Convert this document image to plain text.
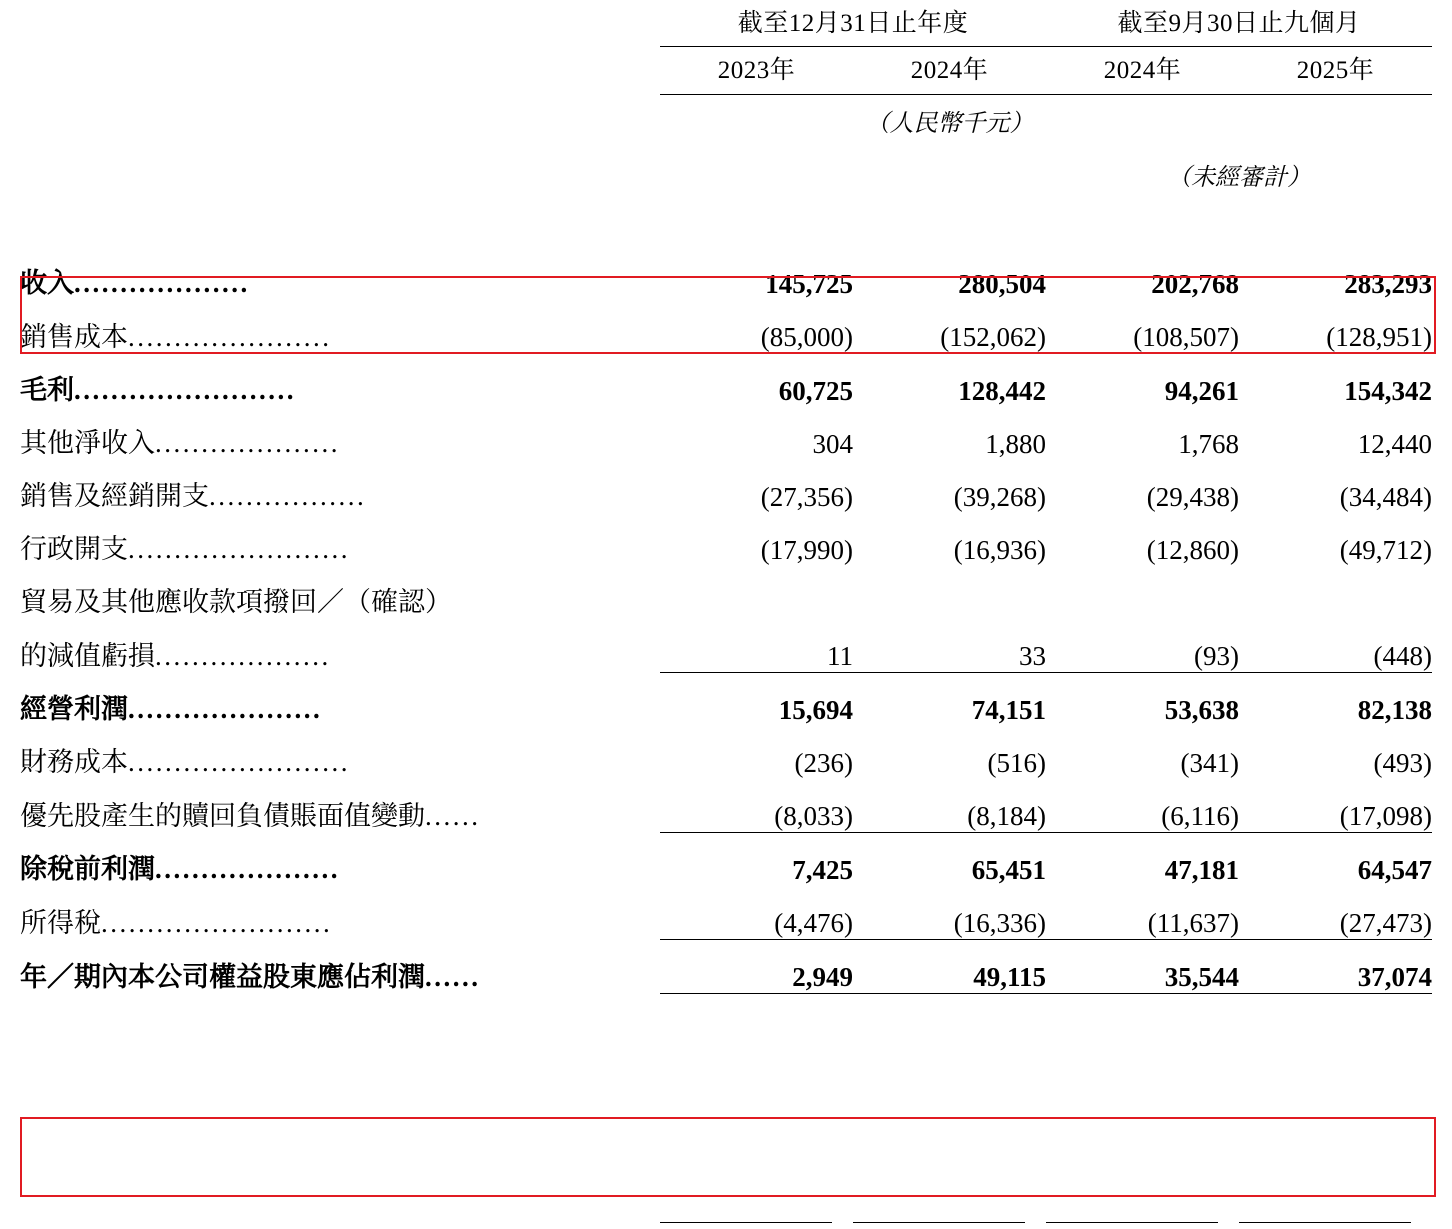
	截至12月31日止年度		截至9月30日止九個月	
	2023年	2024年	2024年	2025年
	（人民幣千元）			
			（未經審計）	

收入...................	145,725	280,504	202,768	283,293
銷售成本......................	(85,000)	(152,062)	(108,507)	(128,951)
毛利........................	60,725	128,442	94,261	154,342
其他淨收入....................	304	1,880	1,768	12,440
銷售及經銷開支.................	(27,356)	(39,268)	(29,438)	(34,484)
行政開支........................	(17,990)	(16,936)	(12,860)	(49,712)
貿易及其他應收款項撥回／（確認）				
的減值虧損...................	11	33	(93)	(448)
經營利潤.....................	15,694	74,151	53,638	82,138
財務成本........................	(236)	(516)	(341)	(493)
優先股產生的贖回負債賬面值變動......	(8,033)	(8,184)	(6,116)	(17,098)
除稅前利潤....................	7,425	65,451	47,181	64,547
所得稅.........................	(4,476)	(16,336)	(11,637)	(27,473)
年／期內本公司權益股東應佔利潤......	2,949	49,115	35,544	37,074
